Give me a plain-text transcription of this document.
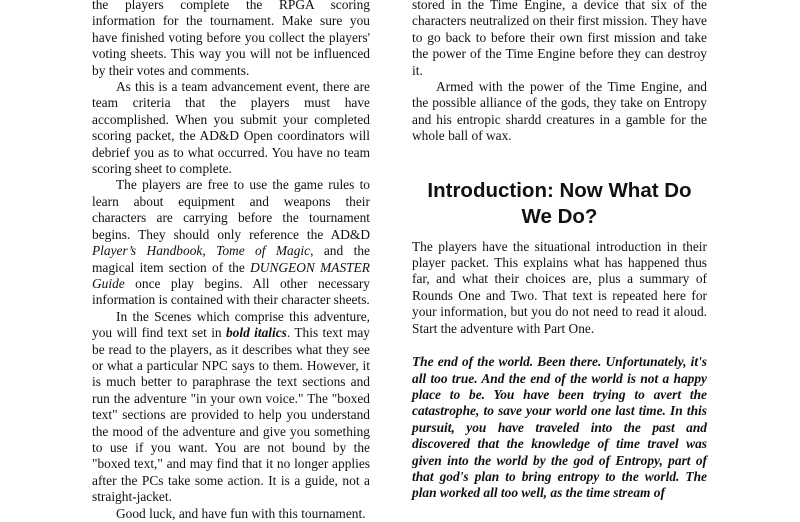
the players complete the RPGA scoring information for the tournament. Make sure you have finished voting before you collect the players' voting sheets. This way you will not be influenced by their votes and comments.

As this is a team advancement event, there are team criteria that the players must have accomplished. When you submit your completed scoring packet, the AD&D Open coordinators will debrief you as to what occurred. You have no team scoring sheet to complete.

The players are free to use the game rules to learn about equipment and weapons their characters are carrying before the tournament begins. They should only reference the AD&D Player’s Handbook, Tome of Magic, and the magical item section of the DUNGEON MASTER Guide once play begins. All other necessary information is contained with their character sheets.

In the Scenes which comprise this adventure, you will find text set in bold italics. This text may be read to the players, as it describes what they see or what a particular NPC says to them. However, it is much better to paraphrase the text sections and run the adventure "in your own voice." The "boxed text" sections are provided to help you understand the mood of the adventure and give you something to use if you want. You are not bound by the "boxed text," and may find that it no longer applies after the PCs take some action. It is a guide, not a straight-jacket.

Good luck, and have fun with this tournament.

stored in the Time Engine, a device that six of the characters neutralized on their first mission. They have to go back to before their own first mission and take the power of the Time Engine before they can destroy it.

Armed with the power of the Time Engine, and the possible alliance of the gods, they take on Entropy and his entropic shardd creatures in a gamble for the whole ball of wax.

Introduction: Now What Do We Do?

The players have the situational introduction in their player packet. This explains what has happened thus far, and what their choices are, plus a summary of Rounds One and Two. That text is repeated here for your information, but you do not need to read it aloud. Start the adventure with Part One.

The end of the world. Been there. Unfortunately, it's all too true. And the end of the world is not a happy place to be. You have been trying to avert the catastrophe, to save your world one last time. In this pursuit, you have traveled into the past and discovered that the knowledge of time travel was given into the world by the god of Entropy, part of that god's plan to bring entropy to the world. The plan worked all too well, as the time stream of
